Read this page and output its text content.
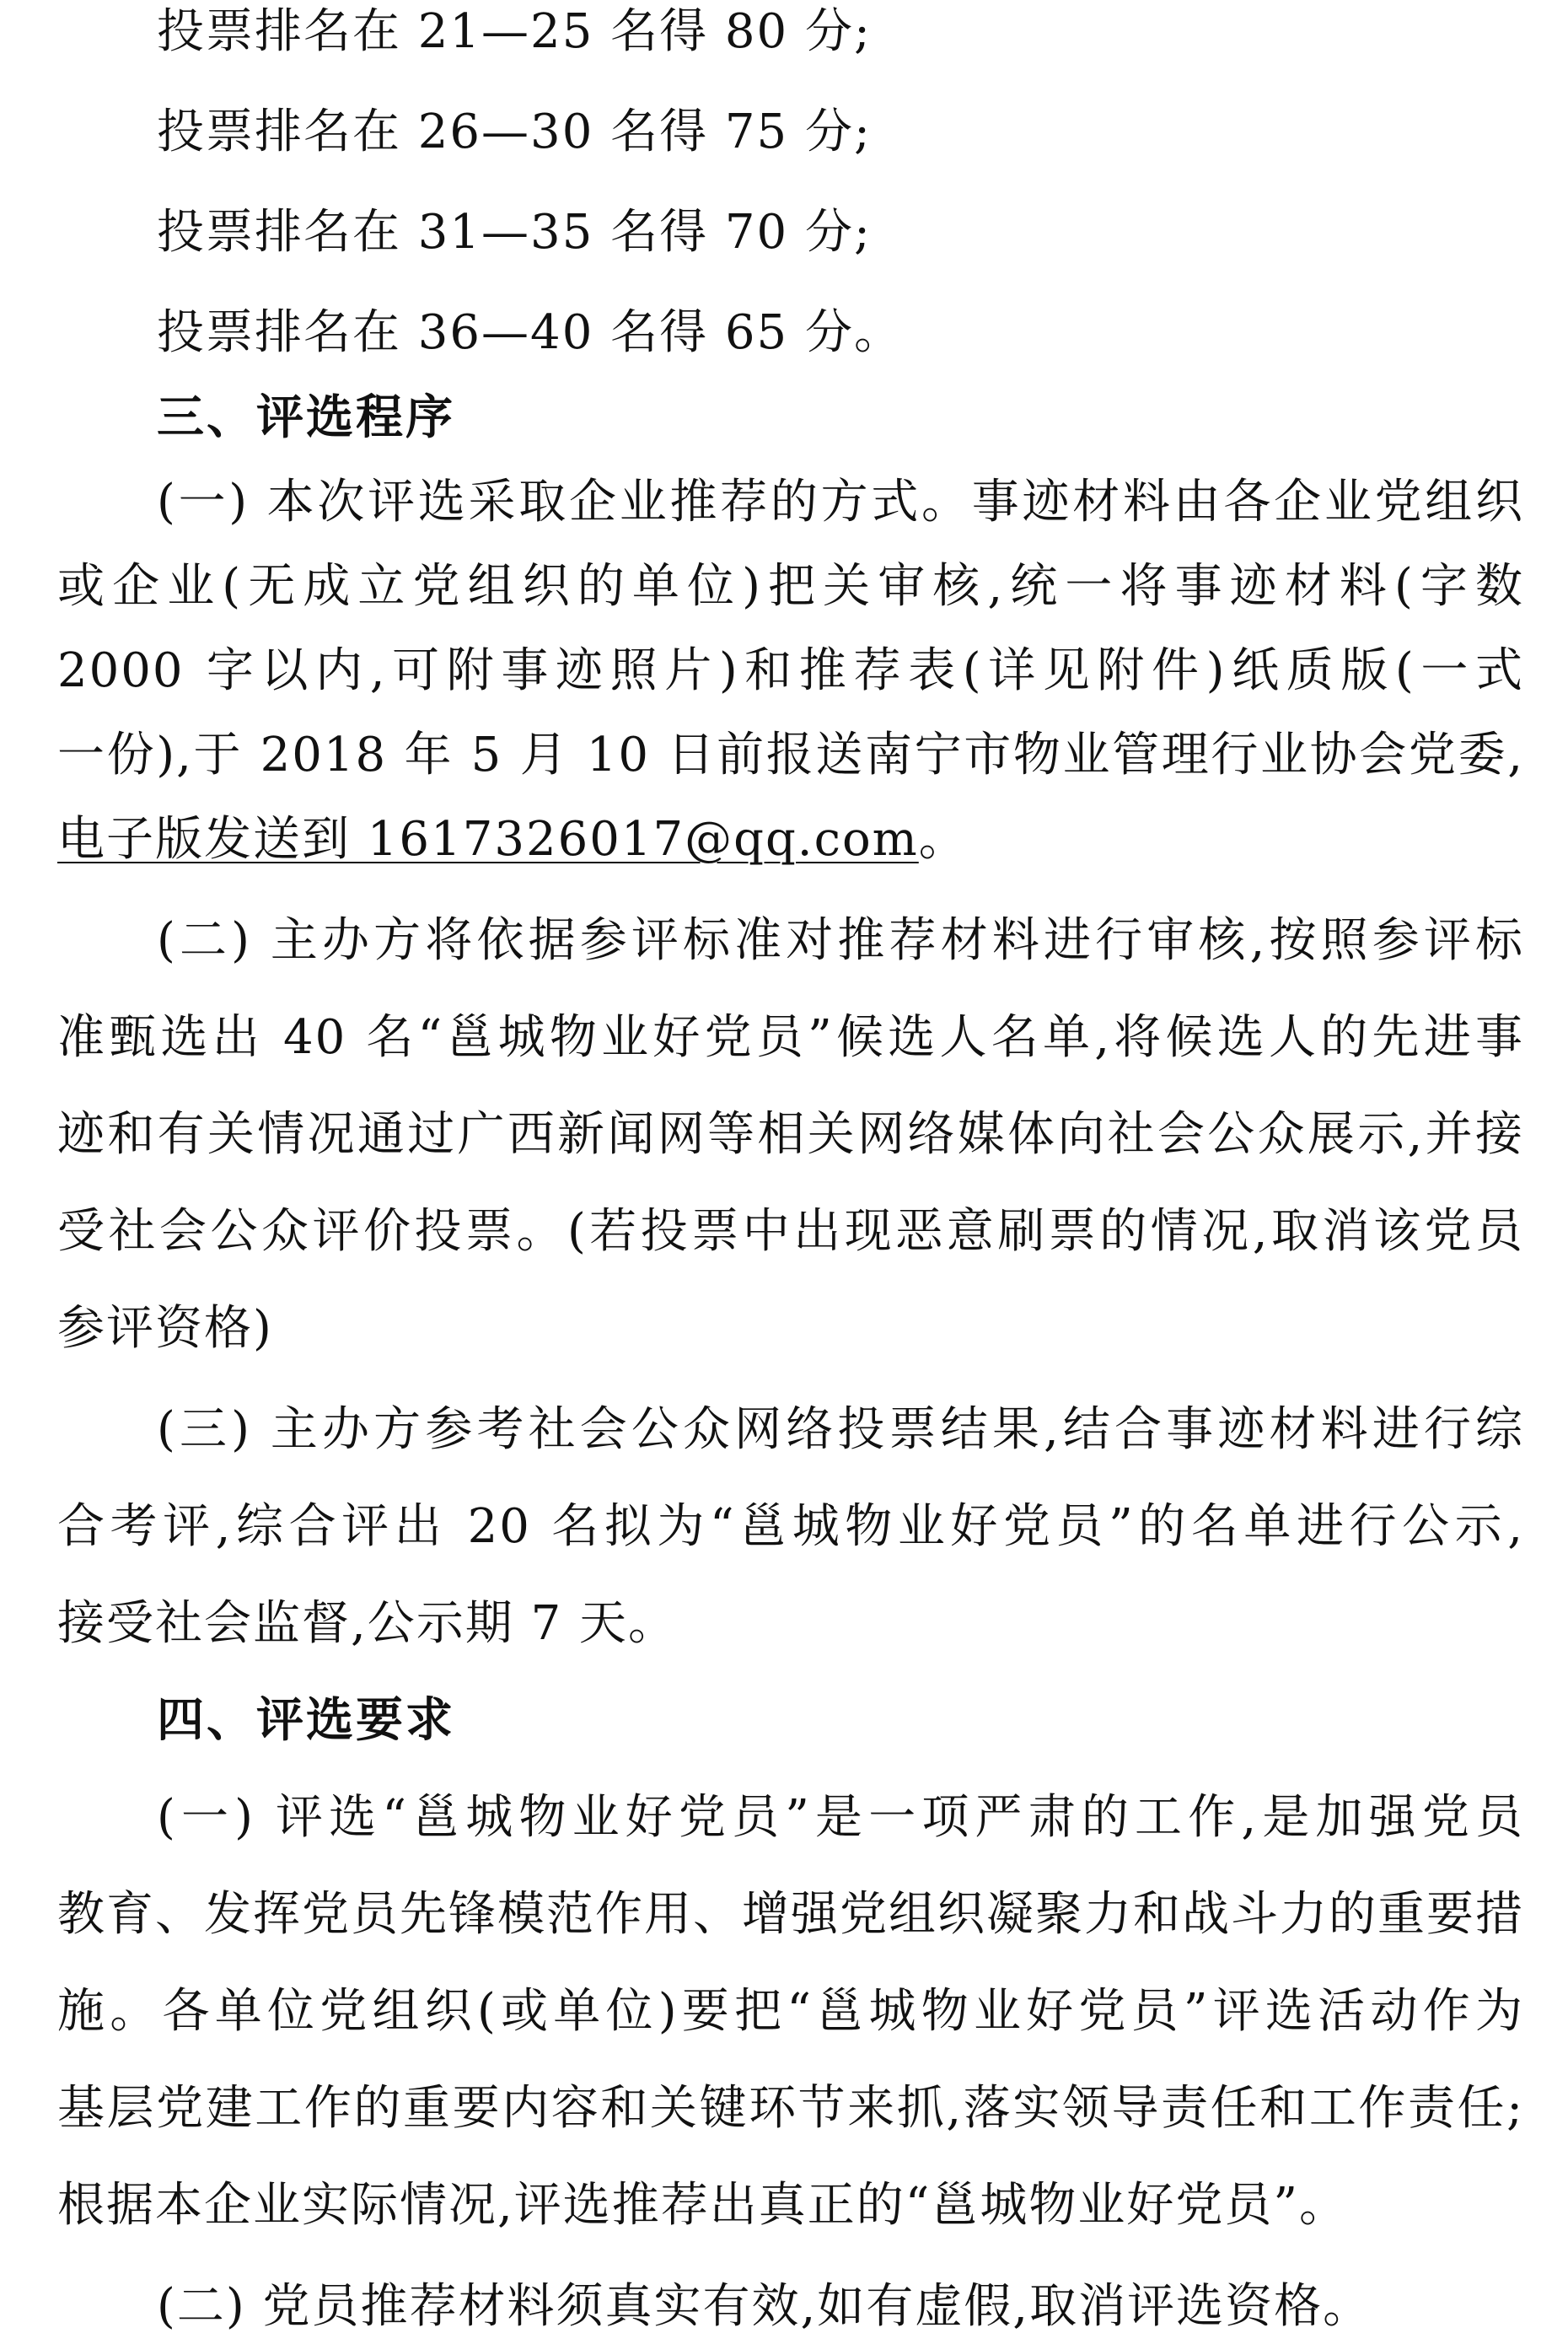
投票排名在 21—25 名得 80 分;
投票排名在 26—30 名得 75 分;
投票排名在 31—35 名得 70 分;
投票排名在 36—40 名得 65 分。
三、评选程序
(一) 本次评选采取企业推荐的方式。事迹材料由各企业党组织
或企业(无成立党组织的单位)把关审核,统一将事迹材料(字数
2000 字以内,可附事迹照片)和推荐表(详见附件)纸质版(一式
一份),于 2018 年 5 月 10 日前报送南宁市物业管理行业协会党委,
电子版发送到 1617326017@qq.com。
(二) 主办方将依据参评标准对推荐材料进行审核,按照参评标
准甄选出 40 名“邕城物业好党员”候选人名单,将候选人的先进事
迹和有关情况通过广西新闻网等相关网络媒体向社会公众展示,并接
受社会公众评价投票。(若投票中出现恶意刷票的情况,取消该党员
参评资格)
(三) 主办方参考社会公众网络投票结果,结合事迹材料进行综
合考评,综合评出 20 名拟为“邕城物业好党员”的名单进行公示,
接受社会监督,公示期 7 天。
四、评选要求
(一) 评选“邕城物业好党员”是一项严肃的工作,是加强党员
教育、发挥党员先锋模范作用、增强党组织凝聚力和战斗力的重要措
施。各单位党组织(或单位)要把“邕城物业好党员”评选活动作为
基层党建工作的重要内容和关键环节来抓,落实领导责任和工作责任;
根据本企业实际情况,评选推荐出真正的“邕城物业好党员”。
(二) 党员推荐材料须真实有效,如有虚假,取消评选资格。
